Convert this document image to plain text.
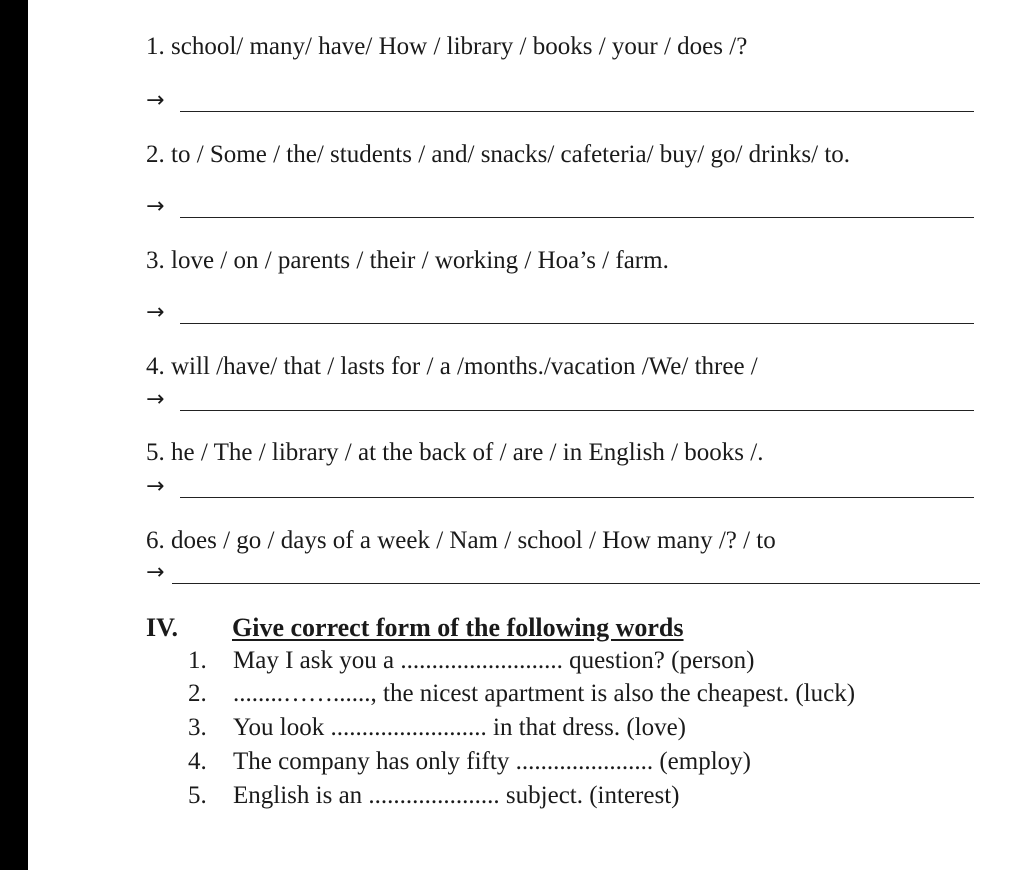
1. school/ many/ have/ How / library / books / your / does /?
→
2. to / Some / the/ students / and/ snacks/ cafeteria/ buy/ go/ drinks/ to.
→
3. love / on / parents / their / working / Hoa’s / farm.
→
4. will /have/ that / lasts for / a /months./vacation /We/ three /
→
5. he / The / library / at the back of / are / in English / books /.
→
6. does / go / days of a week / Nam / school / How many /? / to
→
IV. Give correct form of the following words
1. May I ask you a .......................... question? (person)
2. ........……......, the nicest apartment is also the cheapest. (luck)
3. You look ......................... in that dress. (love)
4. The company has only fifty ...................... (employ)
5. English is an ..................... subject. (interest)
